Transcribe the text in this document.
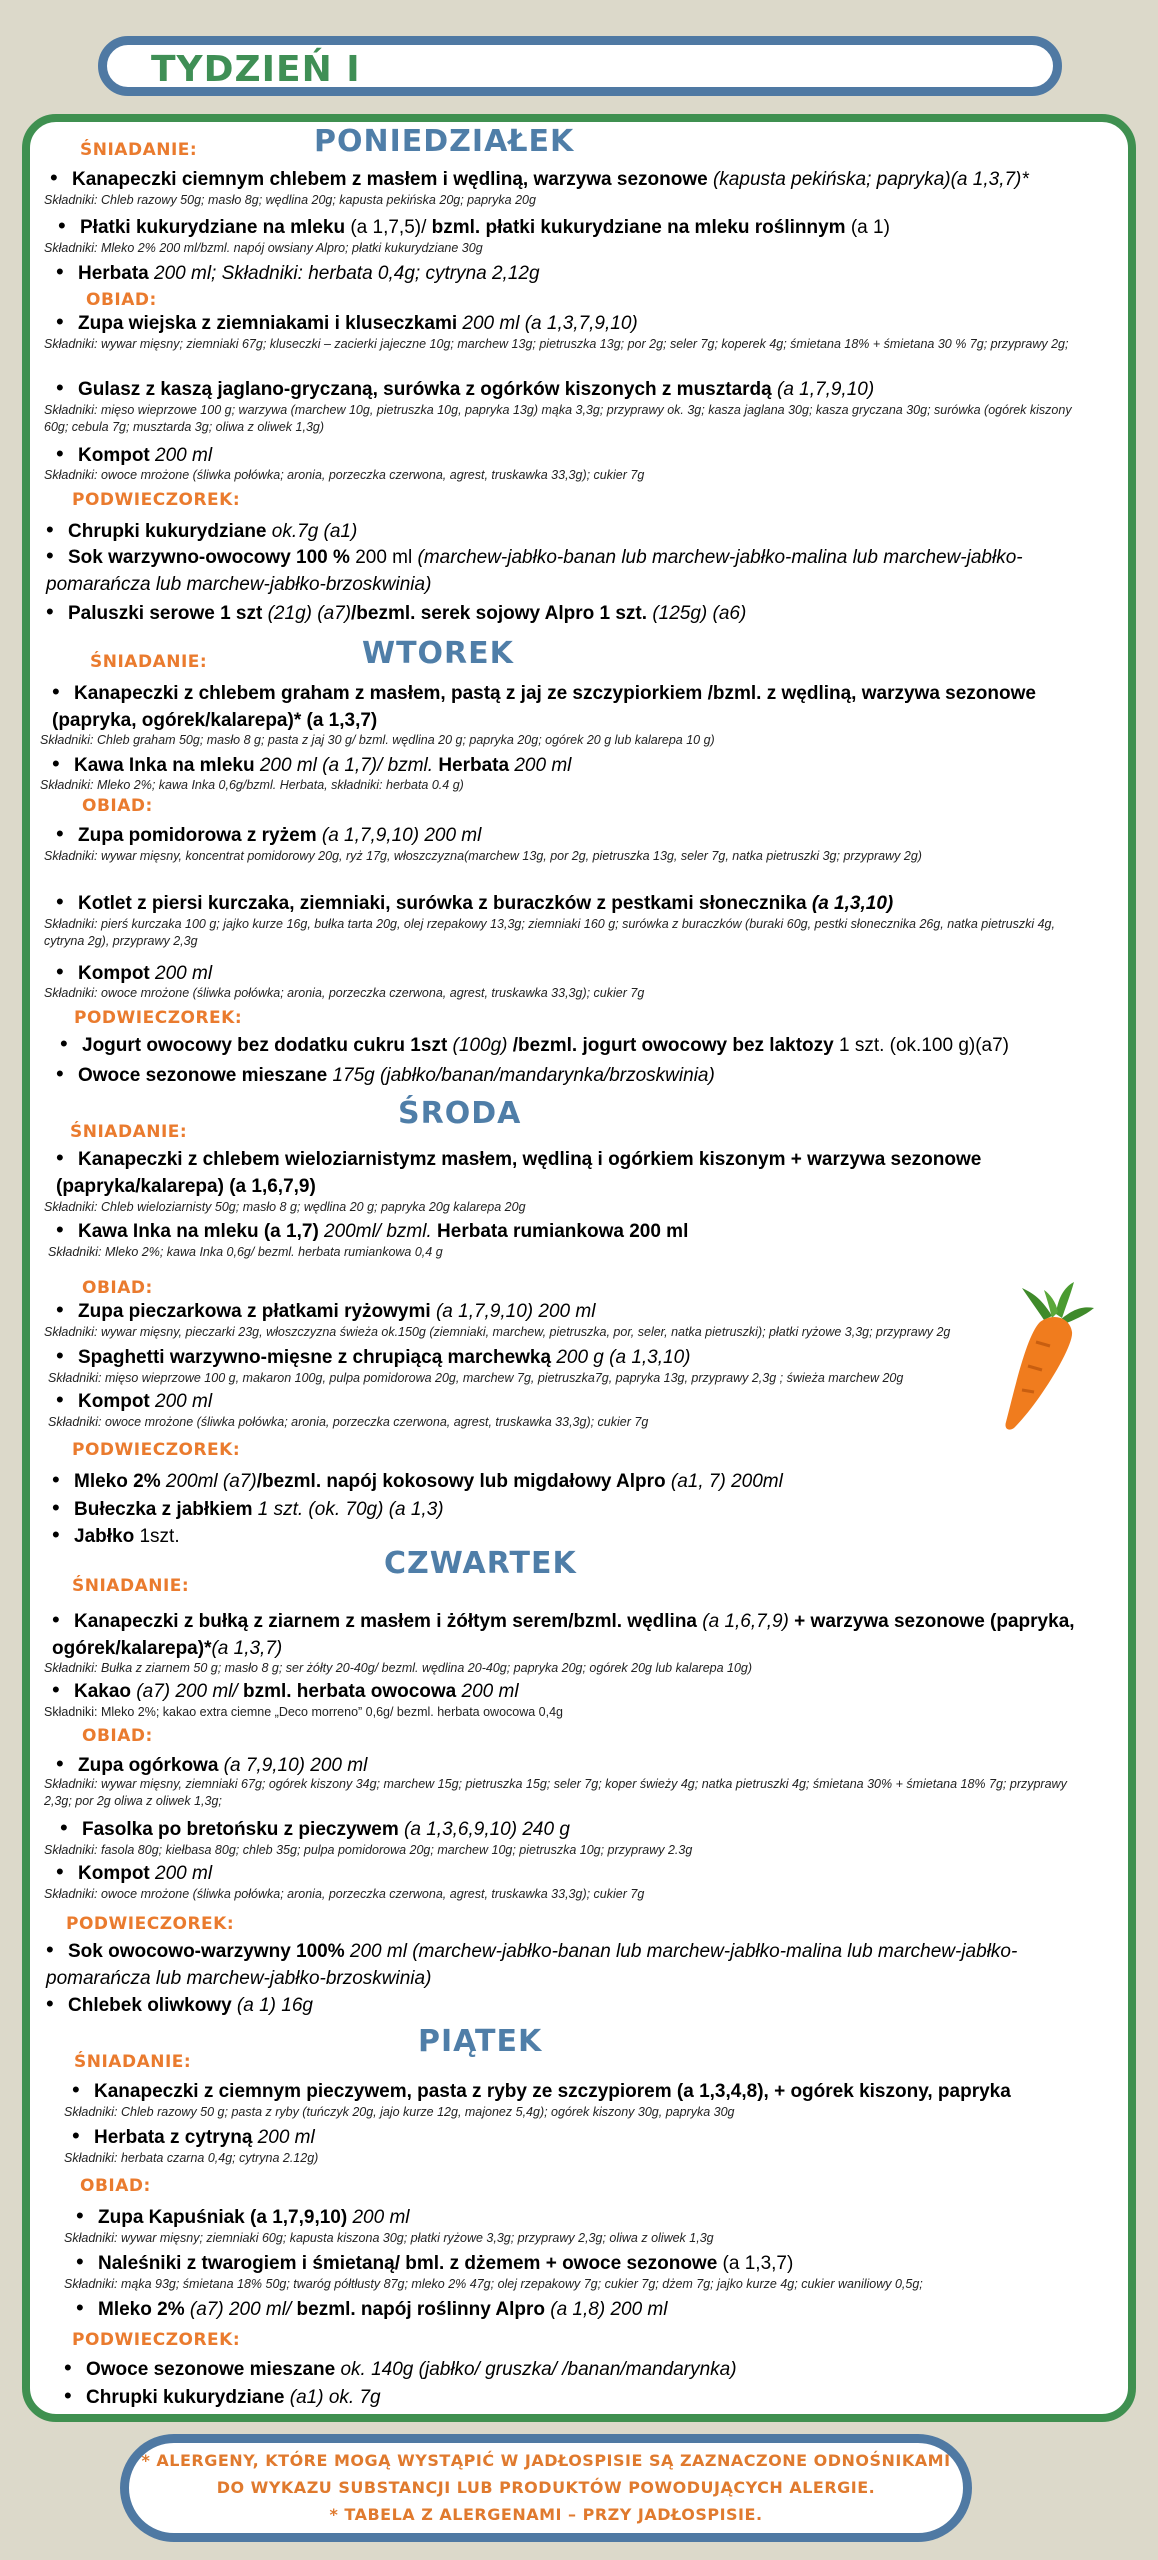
TYDZIEŃ I
ŚNIADANIE:	PONIEDZIAŁEK
• Kanapeczki ciemnym chlebem z masłem i wędliną, warzywa sezonowe (kapusta pekińska; papryka)(a 1,3,7)*
Składniki: Chleb razowy 50g; masło 8g; wędlina 20g; kapusta pekińska 20g; papryka 20g
• Płatki kukurydziane na mleku (a 1,7,5)/ bzml. płatki kukurydziane na mleku roślinnym (a 1)
Składniki: Mleko 2% 200 ml/bzml. napój owsiany Alpro; płatki kukurydziane 30g
• Herbata 200 ml; Składniki: herbata 0,4g; cytryna 2,12g
OBIAD:
• Zupa wiejska z ziemniakami i kluseczkami 200 ml (a 1,3,7,9,10)
Składniki: wywar mięsny; ziemniaki 67g; kluseczki – zacierki jajeczne 10g; marchew 13g; pietruszka 13g; por 2g; seler 7g; koperek 4g; śmietana 18% + śmietana 30 % 7g; przyprawy 2g;
• Gulasz z kaszą jaglano-gryczaną, surówka z ogórków kiszonych z musztardą (a 1,7,9,10)
Składniki: mięso wieprzowe 100 g; warzywa (marchew 10g, pietruszka 10g, papryka 13g) mąka 3,3g; przyprawy ok. 3g; kasza jaglana 30g; kasza gryczana 30g; surówka (ogórek kiszony 60g; cebula 7g; musztarda 3g; oliwa z oliwek 1,3g)
• Kompot 200 ml
Składniki: owoce mrożone (śliwka połówka; aronia, porzeczka czerwona, agrest, truskawka 33,3g); cukier 7g
PODWIECZOREK:
• Chrupki kukurydziane ok.7g (a1)
• Sok warzywno-owocowy 100 % 200 ml (marchew-jabłko-banan lub marchew-jabłko-malina lub marchew-jabłko-pomarańcza lub marchew-jabłko-brzoskwinia)
• Paluszki serowe 1 szt (21g) (a7)/bezml. serek sojowy Alpro 1 szt. (125g) (a6)
ŚNIADANIE:	WTOREK
• Kanapeczki z chlebem graham z masłem, pastą z jaj ze szczypiorkiem /bzml. z wędliną, warzywa sezonowe (papryka, ogórek/kalarepa)* (a 1,3,7)
Składniki: Chleb graham 50g; masło 8 g; pasta z jaj 30 g/ bzml. wędlina 20 g; papryka 20g; ogórek 20 g lub kalarepa 10 g)
• Kawa Inka na mleku 200 ml (a 1,7)/ bzml. Herbata 200 ml
Składniki: Mleko 2%; kawa Inka 0,6g/bzml. Herbata, składniki: herbata 0.4 g)
OBIAD:
• Zupa pomidorowa z ryżem (a 1,7,9,10) 200 ml
Składniki: wywar mięsny, koncentrat pomidorowy 20g, ryż 17g, włoszczyzna(marchew 13g, por 2g, pietruszka 13g, seler 7g, natka pietruszki 3g; przyprawy 2g)
• Kotlet z piersi kurczaka, ziemniaki, surówka z buraczków z pestkami słonecznika (a 1,3,10)
Składniki: pierś kurczaka 100 g; jajko kurze 16g, bułka tarta 20g, olej rzepakowy 13,3g; ziemniaki 160 g; surówka z buraczków (buraki 60g, pestki słonecznika 26g, natka pietruszki 4g, cytryna 2g), przyprawy 2,3g
• Kompot 200 ml
Składniki: owoce mrożone (śliwka połówka; aronia, porzeczka czerwona, agrest, truskawka 33,3g); cukier 7g
PODWIECZOREK:
• Jogurt owocowy bez dodatku cukru 1szt (100g) /bezml. jogurt owocowy bez laktozy 1 szt. (ok.100 g)(a7)
• Owoce sezonowe mieszane 175g (jabłko/banan/mandarynka/brzoskwinia)
ŚRODA
ŚNIADANIE:
• Kanapeczki z chlebem wieloziarnistymz masłem, wędliną i ogórkiem kiszonym + warzywa sezonowe (papryka/kalarepa) (a 1,6,7,9)
Składniki: Chleb wieloziarnisty 50g; masło 8 g; wędlina 20 g; papryka 20g kalarepa 20g
• Kawa Inka na mleku (a 1,7) 200ml/ bzml. Herbata rumiankowa 200 ml
Składniki: Mleko 2%; kawa Inka 0,6g/ bezml. herbata rumiankowa 0,4 g
OBIAD:
• Zupa pieczarkowa z płatkami ryżowymi (a 1,7,9,10) 200 ml
Składniki: wywar mięsny, pieczarki 23g, włoszczyzna świeża ok.150g (ziemniaki, marchew, pietruszka, por, seler, natka pietruszki); płatki ryżowe 3,3g; przyprawy 2g
• Spaghetti warzywno-mięsne z chrupiącą marchewką 200 g (a 1,3,10)
Składniki: mięso wieprzowe 100 g, makaron 100g, pulpa pomidorowa 20g, marchew 7g, pietruszka7g, papryka 13g, przyprawy 2,3g ; świeża marchew 20g
• Kompot 200 ml
Składniki: owoce mrożone (śliwka połówka; aronia, porzeczka czerwona, agrest, truskawka 33,3g); cukier 7g
PODWIECZOREK:
• Mleko 2% 200ml (a7)/bezml. napój kokosowy lub migdałowy Alpro (a1, 7) 200ml
• Bułeczka z jabłkiem 1 szt. (ok. 70g) (a 1,3)
• Jabłko 1szt.
CZWARTEK
ŚNIADANIE:
• Kanapeczki z bułką z ziarnem z masłem i żółtym serem/bzml. wędlina (a 1,6,7,9) + warzywa sezonowe (papryka, ogórek/kalarepa)*(a 1,3,7)
Składniki: Bułka z ziarnem 50 g; masło 8 g; ser żółty 20-40g/ bezml. wędlina 20-40g; papryka 20g; ogórek 20g lub kalarepa 10g)
• Kakao (a7) 200 ml/ bzml. herbata owocowa 200 ml
Składniki: Mleko 2%; kakao extra ciemne „Deco morreno” 0,6g/ bezml. herbata owocowa 0,4g
OBIAD:
• Zupa ogórkowa (a 7,9,10) 200 ml
Składniki: wywar mięsny, ziemniaki 67g; ogórek kiszony 34g; marchew 15g; pietruszka 15g; seler 7g; koper świeży 4g; natka pietruszki 4g; śmietana 30% + śmietana 18% 7g; przyprawy 2,3g; por 2g oliwa z oliwek 1,3g;
• Fasolka po bretońsku z pieczywem (a 1,3,6,9,10) 240 g
Składniki: fasola 80g; kiełbasa 80g; chleb 35g; pulpa pomidorowa 20g; marchew 10g; pietruszka 10g; przyprawy 2.3g
• Kompot 200 ml
Składniki: owoce mrożone (śliwka połówka; aronia, porzeczka czerwona, agrest, truskawka 33,3g); cukier 7g
PODWIECZOREK:
• Sok owocowo-warzywny 100% 200 ml (marchew-jabłko-banan lub marchew-jabłko-malina lub marchew-jabłko-pomarańcza lub marchew-jabłko-brzoskwinia)
• Chlebek oliwkowy (a 1) 16g
PIĄTEK
ŚNIADANIE:
• Kanapeczki z ciemnym pieczywem, pasta z ryby ze szczypiorem (a 1,3,4,8), + ogórek kiszony, papryka
Składniki: Chleb razowy 50 g; pasta z ryby (tuńczyk 20g, jajo kurze 12g, majonez 5,4g); ogórek kiszony 30g, papryka 30g
• Herbata z cytryną 200 ml
Składniki: herbata czarna 0,4g; cytryna 2.12g)
OBIAD:
• Zupa Kapuśniak (a 1,7,9,10) 200 ml
Składniki: wywar mięsny; ziemniaki 60g; kapusta kiszona 30g; płatki ryżowe 3,3g; przyprawy 2,3g; oliwa z oliwek 1,3g
• Naleśniki z twarogiem i śmietaną/ bml. z dżemem + owoce sezonowe (a 1,3,7)
Składniki: mąka 93g; śmietana 18% 50g; twaróg półtłusty 87g; mleko 2% 47g; olej rzepakowy 7g; cukier 7g; dżem 7g; jajko kurze 4g; cukier waniliowy 0,5g;
• Mleko 2% (a7) 200 ml/ bezml. napój roślinny Alpro (a 1,8) 200 ml
PODWIECZOREK:
• Owoce sezonowe mieszane ok. 140g (jabłko/ gruszka/ /banan/mandarynka)
• Chrupki kukurydziane (a1) ok. 7g
* ALERGENY, KTÓRE MOGĄ WYSTĄPIĆ W JADŁOSPISIE SĄ ZAZNACZONE ODNOŚNIKAMI
DO WYKAZU SUBSTANCJI LUB PRODUKTÓW POWODUJĄCYCH ALERGIE.
* TABELA Z ALERGENAMI – PRZY JADŁOSPISIE.
